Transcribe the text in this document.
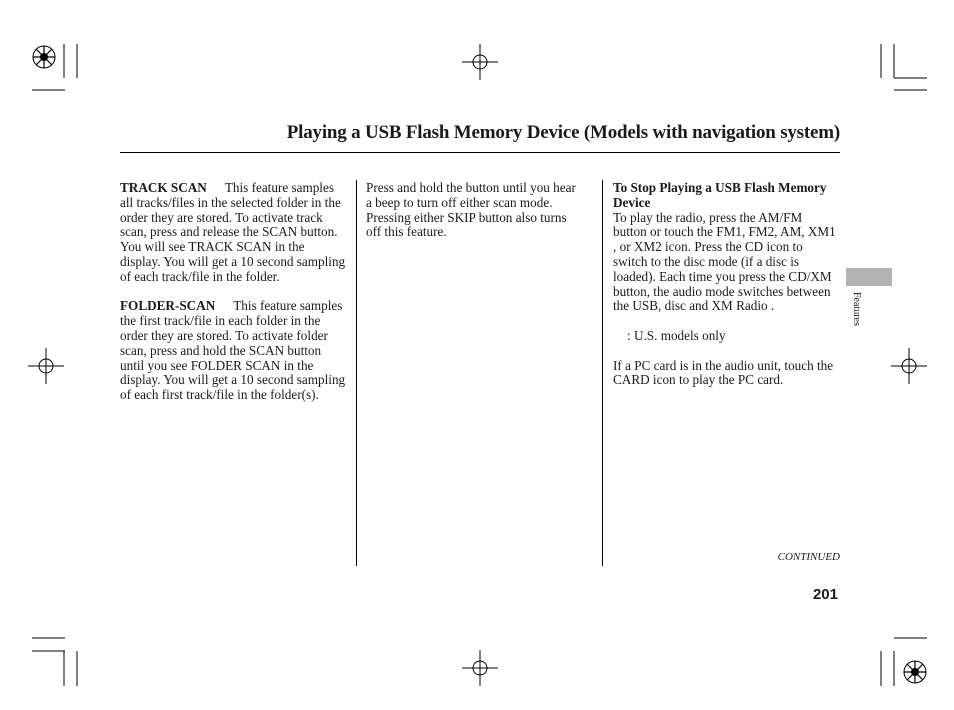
Playing a USB Flash Memory Device (Models with navigation system)

TRACK SCAN This feature samples all tracks/files in the selected folder in the order they are stored. To activate track scan, press and release the SCAN button. You will see TRACK SCAN in the display. You will get a 10 second sampling of each track/file in the folder.

FOLDER-SCAN This feature samples the first track/file in each folder in the order they are stored. To activate folder scan, press and hold the SCAN button until you see FOLDER SCAN in the display. You will get a 10 second sampling of each first track/file in the folder(s).

Press and hold the button until you hear a beep to turn off either scan mode. Pressing either SKIP button also turns off this feature.

To Stop Playing a USB Flash Memory Device

To play the radio, press the AM/FM button or touch the FM1, FM2, AM, XM1 , or XM2 icon. Press the CD icon to switch to the disc mode (if a disc is loaded). Each time you press the CD/XM button, the audio mode switches between the USB, disc and XM Radio .

: U.S. models only

If a PC card is in the audio unit, touch the CARD icon to play the PC card.

Features
CONTINUED
201
